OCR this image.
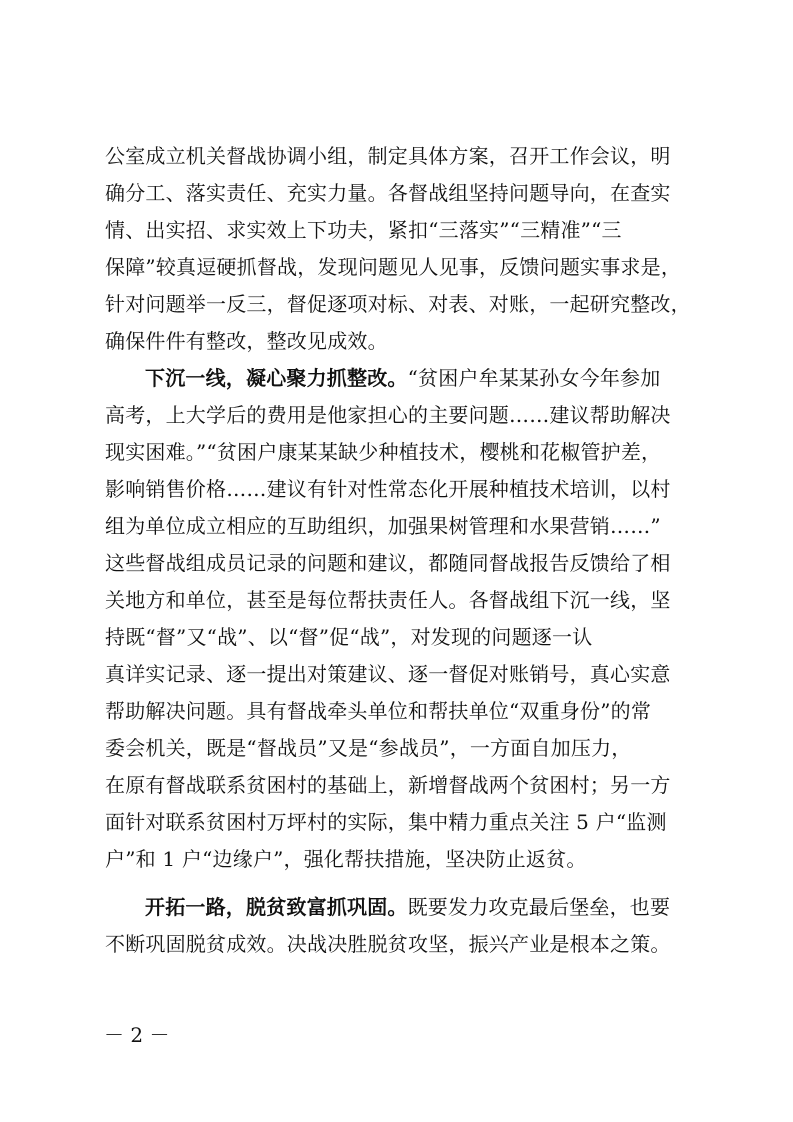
公室成立机关督战协调小组，制定具体方案，召开工作会议，明
确分工、落实责任、充实力量。各督战组坚持问题导向，在查实
情、出实招、求实效上下功夫，紧扣“三落实”“三精准”“三
保障”较真逗硬抓督战，发现问题见人见事，反馈问题实事求是，
针对问题举一反三，督促逐项对标、对表、对账，一起研究整改，
确保件件有整改，整改见成效。
下沉一线，凝心聚力抓整改。“贫困户牟某某孙女今年参加
高考，上大学后的费用是他家担心的主要问题……建议帮助解决
现实困难。”“贫困户康某某缺少种植技术，樱桃和花椒管护差，
影响销售价格……建议有针对性常态化开展种植技术培训，以村
组为单位成立相应的互助组织，加强果树管理和水果营销……”
这些督战组成员记录的问题和建议，都随同督战报告反馈给了相
关地方和单位，甚至是每位帮扶责任人。各督战组下沉一线，坚
持既“督”又“战”、以“督”促“战”，对发现的问题逐一认
真详实记录、逐一提出对策建议、逐一督促对账销号，真心实意
帮助解决问题。具有督战牵头单位和帮扶单位“双重身份”的常
委会机关，既是“督战员”又是“参战员”，一方面自加压力，
在原有督战联系贫困村的基础上，新增督战两个贫困村；另一方
面针对联系贫困村万坪村的实际，集中精力重点关注 5 户“监测
户”和 1 户“边缘户”，强化帮扶措施，坚决防止返贫。
开拓一路，脱贫致富抓巩固。既要发力攻克最后堡垒，也要
不断巩固脱贫成效。决战决胜脱贫攻坚，振兴产业是根本之策。
－ 2 －
